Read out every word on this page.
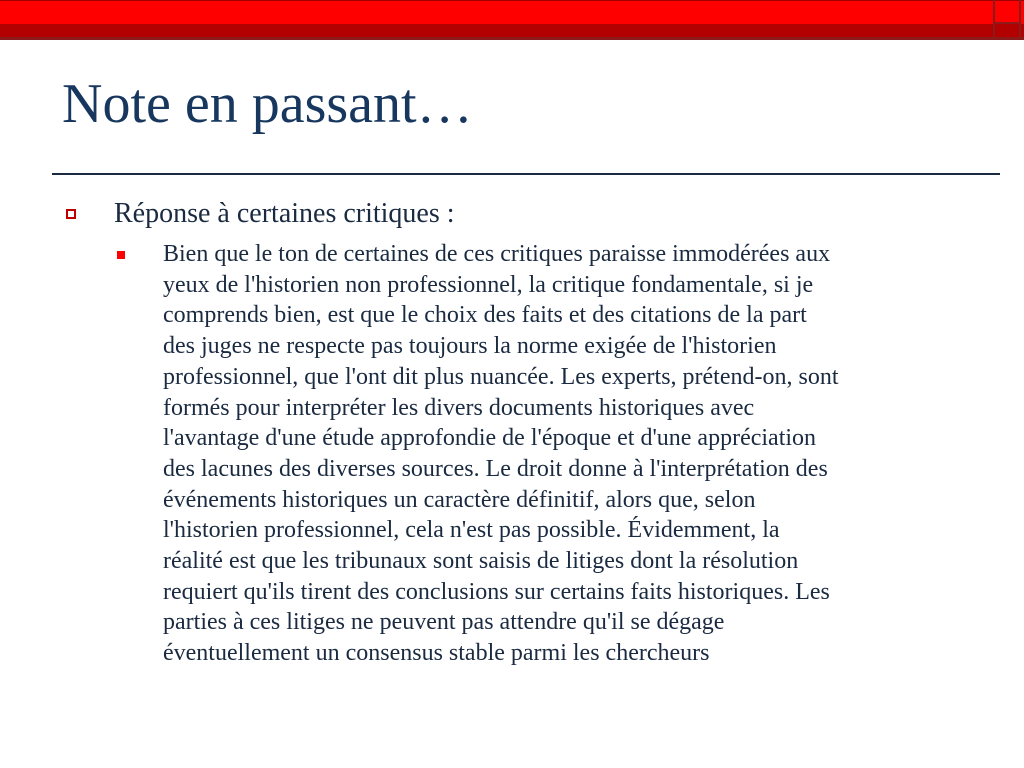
Note en passant…
Réponse à certaines critiques :
Bien que le ton de certaines de ces critiques paraisse immodérées aux
yeux de l'historien non professionnel, la critique fondamentale, si je
comprends bien, est que le choix des faits et des citations de la part
des juges ne respecte pas toujours la norme exigée de l'historien
professionnel, que l'ont dit plus nuancée. Les experts, prétend-on, sont
formés pour interpréter les divers documents historiques avec
l'avantage d'une étude approfondie de l'époque et d'une appréciation
des lacunes des diverses sources. Le droit donne à l'interprétation des
événements historiques un caractère définitif, alors que, selon
l'historien professionnel, cela n'est pas possible. Évidemment, la
réalité est que les tribunaux sont saisis de litiges dont la résolution
requiert qu'ils tirent des conclusions sur certains faits historiques. Les
parties à ces litiges ne peuvent pas attendre qu'il se dégage
éventuellement un consensus stable parmi les chercheurs
